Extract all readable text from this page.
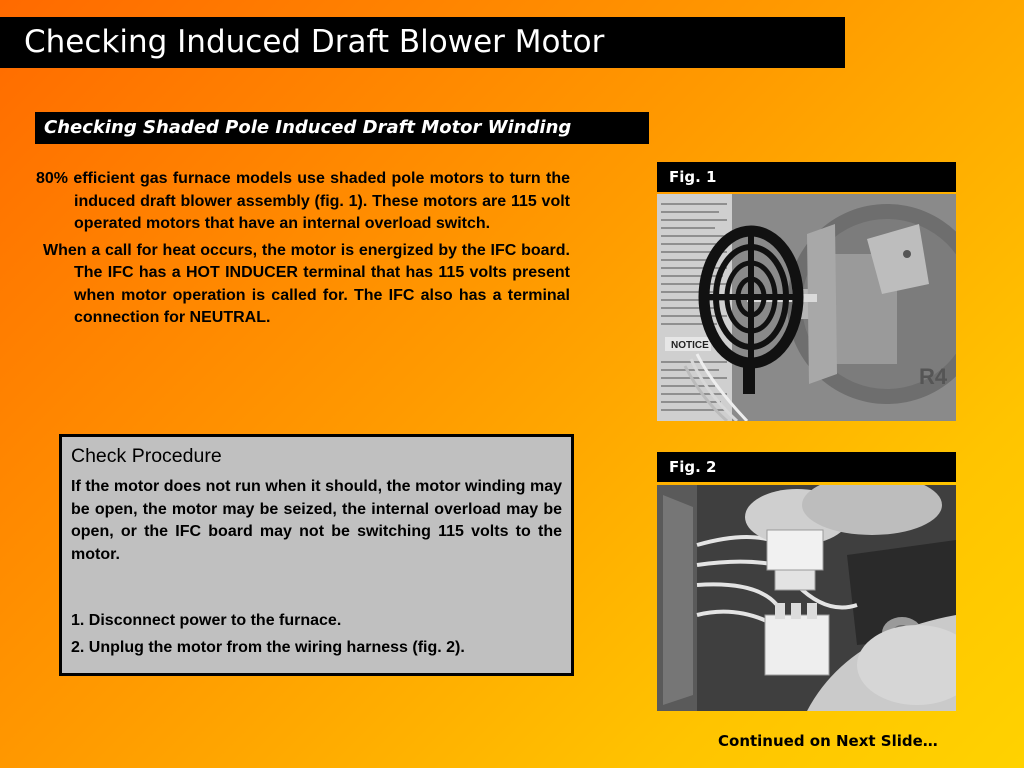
Checking Induced Draft Blower Motor
Checking Shaded Pole Induced Draft Motor Winding

80% efficient gas furnace models use shaded pole motors to turn the induced draft blower assembly (fig. 1). These motors are 115 volt operated motors that have an internal overload switch.

When a call for heat occurs, the motor is energized by the IFC board. The IFC has a HOT INDUCER terminal that has 115 volts present when motor operation is called for. The IFC also has a terminal connection for NEUTRAL.

Check Procedure

If the motor does not run when it should, the motor winding may be open, the motor may be seized, the internal overload may be open, or the IFC board may not be switching 115 volts to the motor.

1. Disconnect power to the furnace.

2. Unplug the motor from the wiring harness (fig. 2).

Fig. 1
NOTICE
R4
Fig. 2
Continued on Next Slide…
